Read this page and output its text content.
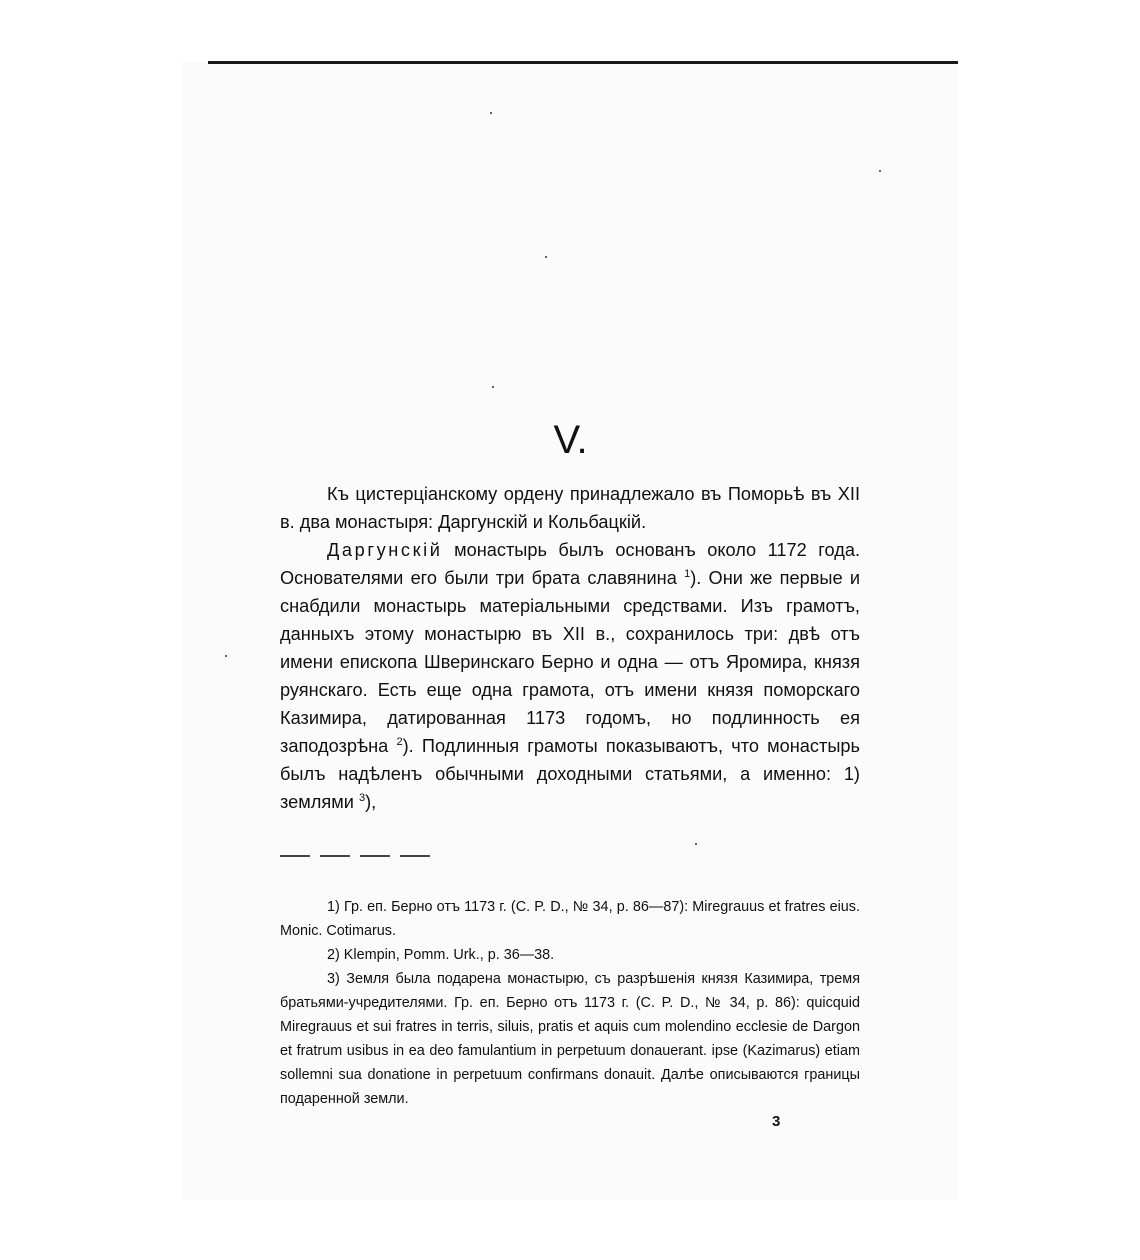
V.

Къ цистерціанскому ордену принадлежало въ Поморьѣ въ XII в. два монастыря: Даргунскій и Кольбацкій.

Даргунскій монастырь былъ основанъ около 1172 года. Основателями его были три брата славянина $^1$). Они же первые и снабдили монастырь матеріальными средствами. Изъ грамотъ, данныхъ этому монастырю въ XII в., сохранилось три: двѣ отъ имени епископа Шверинскаго Берно и одна — отъ Яромира, князя руянскаго. Есть еще одна грамота, отъ имени князя поморскаго Казимира, датированная 1173 годомъ, но подлинность ея заподозрѣна $^2$). Подлинныя грамоты показываютъ, что монастырь былъ надѣленъ обычными доходными статьями, а именно: 1) землями $^3$),

1) Гр. еп. Берно отъ 1173 г. (C. P. D., № 34, p. 86—87): Miregrauus et fratres eius. Monic. Cotimarus.

2) Klempin, Pomm. Urk., p. 36—38.

3) Земля была подарена монастырю, съ разрѣшенія князя Казимира, тремя братьями-учредителями. Гр. еп. Берно отъ 1173 г. (C. P. D., № 34, p. 86): quicquid Miregrauus et sui fratres in terris, siluis, pratis et aquis cum molendino ecclesie de Dargon et fratrum usibus in ea deo famulantium in perpetuum donauerant. ipse (Kazimarus) etiam sollemni sua donatione in perpetuum confirmans donauit. Далѣе описываются границы подаренной земли.

3
